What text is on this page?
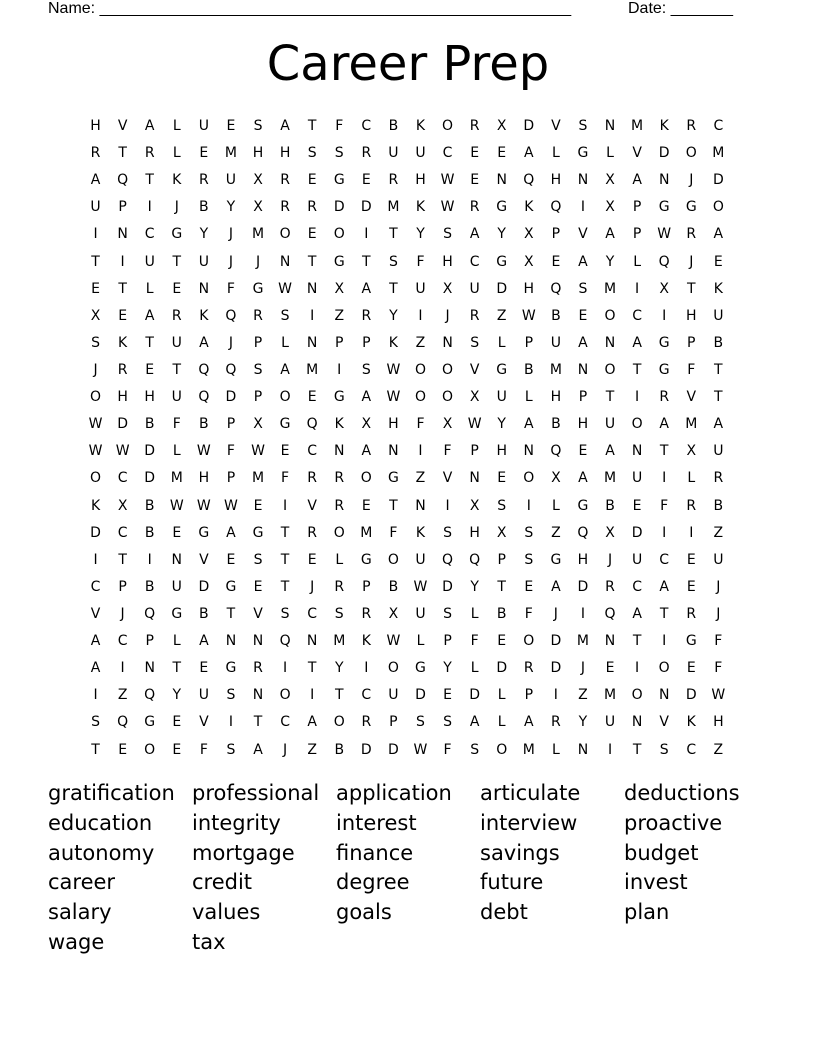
Name: _____________________________________________________	Date: _______
Career Prep
H	V	A	L	U	E	S	A	T	F	C	B	K	O	R	X	D	V	S	N	M	K	R	C
R	T	R	L	E	M	H	H	S	S	R	U	U	C	E	E	A	L	G	L	V	D	O	M
A	Q	T	K	R	U	X	R	E	G	E	R	H	W	E	N	Q	H	N	X	A	N	J	D
U	P	I	J	B	Y	X	R	R	D	D	M	K	W	R	G	K	Q	I	X	P	G	G	O
I	N	C	G	Y	J	M	O	E	O	I	T	Y	S	A	Y	X	P	V	A	P	W	R	A
T	I	U	T	U	J	J	N	T	G	T	S	F	H	C	G	X	E	A	Y	L	Q	J	E
E	T	L	E	N	F	G	W	N	X	A	T	U	X	U	D	H	Q	S	M	I	X	T	K
X	E	A	R	K	Q	R	S	I	Z	R	Y	I	J	R	Z	W	B	E	O	C	I	H	U
S	K	T	U	A	J	P	L	N	P	P	K	Z	N	S	L	P	U	A	N	A	G	P	B
J	R	E	T	Q	Q	S	A	M	I	S	W	O	O	V	G	B	M	N	O	T	G	F	T
O	H	H	U	Q	D	P	O	E	G	A	W	O	O	X	U	L	H	P	T	I	R	V	T
W	D	B	F	B	P	X	G	Q	K	X	H	F	X	W	Y	A	B	H	U	O	A	M	A
W W	D	L	W	F	W	E	C	N	A	N	I	F	P	H	N	Q	E	A	N	T	X	U
O	C	D	M	H	P	M	F	R	R	O	G	Z	V	N	E	O	X	A	M	U	I	L	R
K	X	B	W W W	E	I	V	R	E	T	N	I	X	S	I	L	G	B	E	F	R	B
D	C	B	E	G	A	G	T	R	O	M	F	K	S	H	X	S	Z	Q	X	D	I	I	Z
I	T	I	N	V	E	S	T	E	L	G	O	U	Q	Q	P	S	G	H	J	U	C	E	U
C	P	B	U	D	G	E	T	J	R	P	B	W	D	Y	T	E	A	D	R	C	A	E	J
V	J	Q	G	B	T	V	S	C	S	R	X	U	S	L	B	F	J	I	Q	A	T	R	J
A	C	P	L	A	N	N	Q	N	M	K	W	L	P	F	E	O	D	M	N	T	I	G	F
A	I	N	T	E	G	R	I	T	Y	I	O	G	Y	L	D	R	D	J	E	I	O	E	F
I	Z	Q	Y	U	S	N	O	I	T	C	U	D	E	D	L	P	I	Z	M	O	N	D	W
S	Q	G	E	V	I	T	C	A	O	R	P	S	S	A	L	A	R	Y	U	N	V	K	H
T	E	O	E	F	S	A	J	Z	B	D	D	W	F	S	O	M	L	N	I	T	S	C	Z
gratification professional application	articulate	deductions
education	integrity	interest	interview	proactive
autonomy	mortgage	finance	savings	budget
career	credit	degree	future	invest
salary	values	goals	debt	plan
wage	tax
